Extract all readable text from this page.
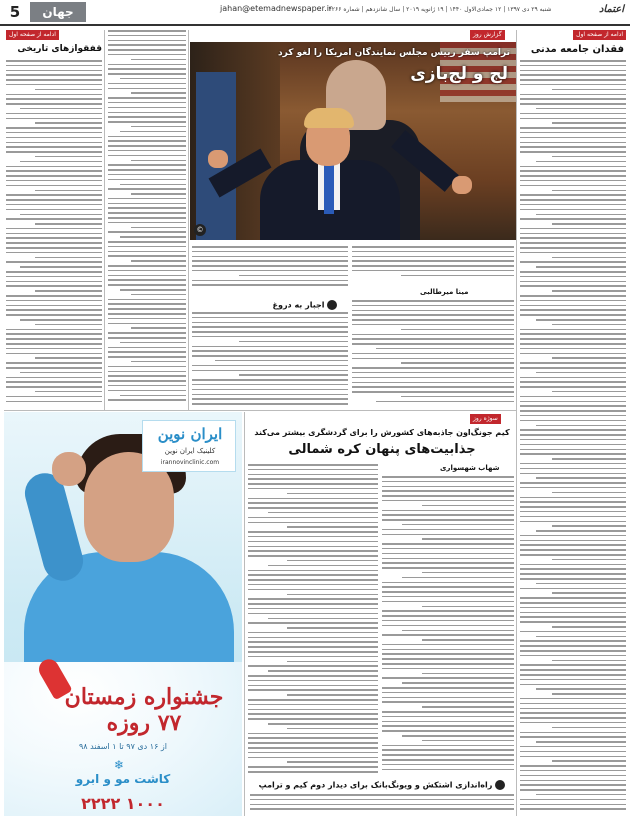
5	جهان	jahan@etemadnewspaper.ir
شنبه ۲۹ دی ۱۳۹۷ | ۱۲ جمادی‌الاول ۱۴۴۰ | ۱۹ ژانویه ۲۰۱۹ | سال شانزدهم | شماره ۴۲۶۶	اعتماد
ادامه از صفحه اول
فقدان جامعه مدنی
گزارش روز
ترامپ سفر رییس مجلس نمایندگان امریکا را لغو کرد
لج و لج‌بازی
©
مینا میرطالبی
اجبار به دروغ
ادامه از صفحه اول
قفقوازهای تاریخی
سوژه روز
کیم جونگ‌اون جاذبه‌های کشورش را برای گردشگری بیشتر می‌کند
جذابیت‌های پنهان کره شمالی
شهاب شهسواری
راه‌اندازی اشتکش و ویونگ‌بانک برای دیدار دوم کیم و ترامپ
ایران نوین
کلینیک ایران نوین
irannovinclinic.com
جشنواره زمستان ۷۷ روزه
از ۱۶ دی ۹۷ تا ۱ اسفند ۹۸
❄
کاشت مو و ابرو
۲۲۲۲ ۱۰۰۰
